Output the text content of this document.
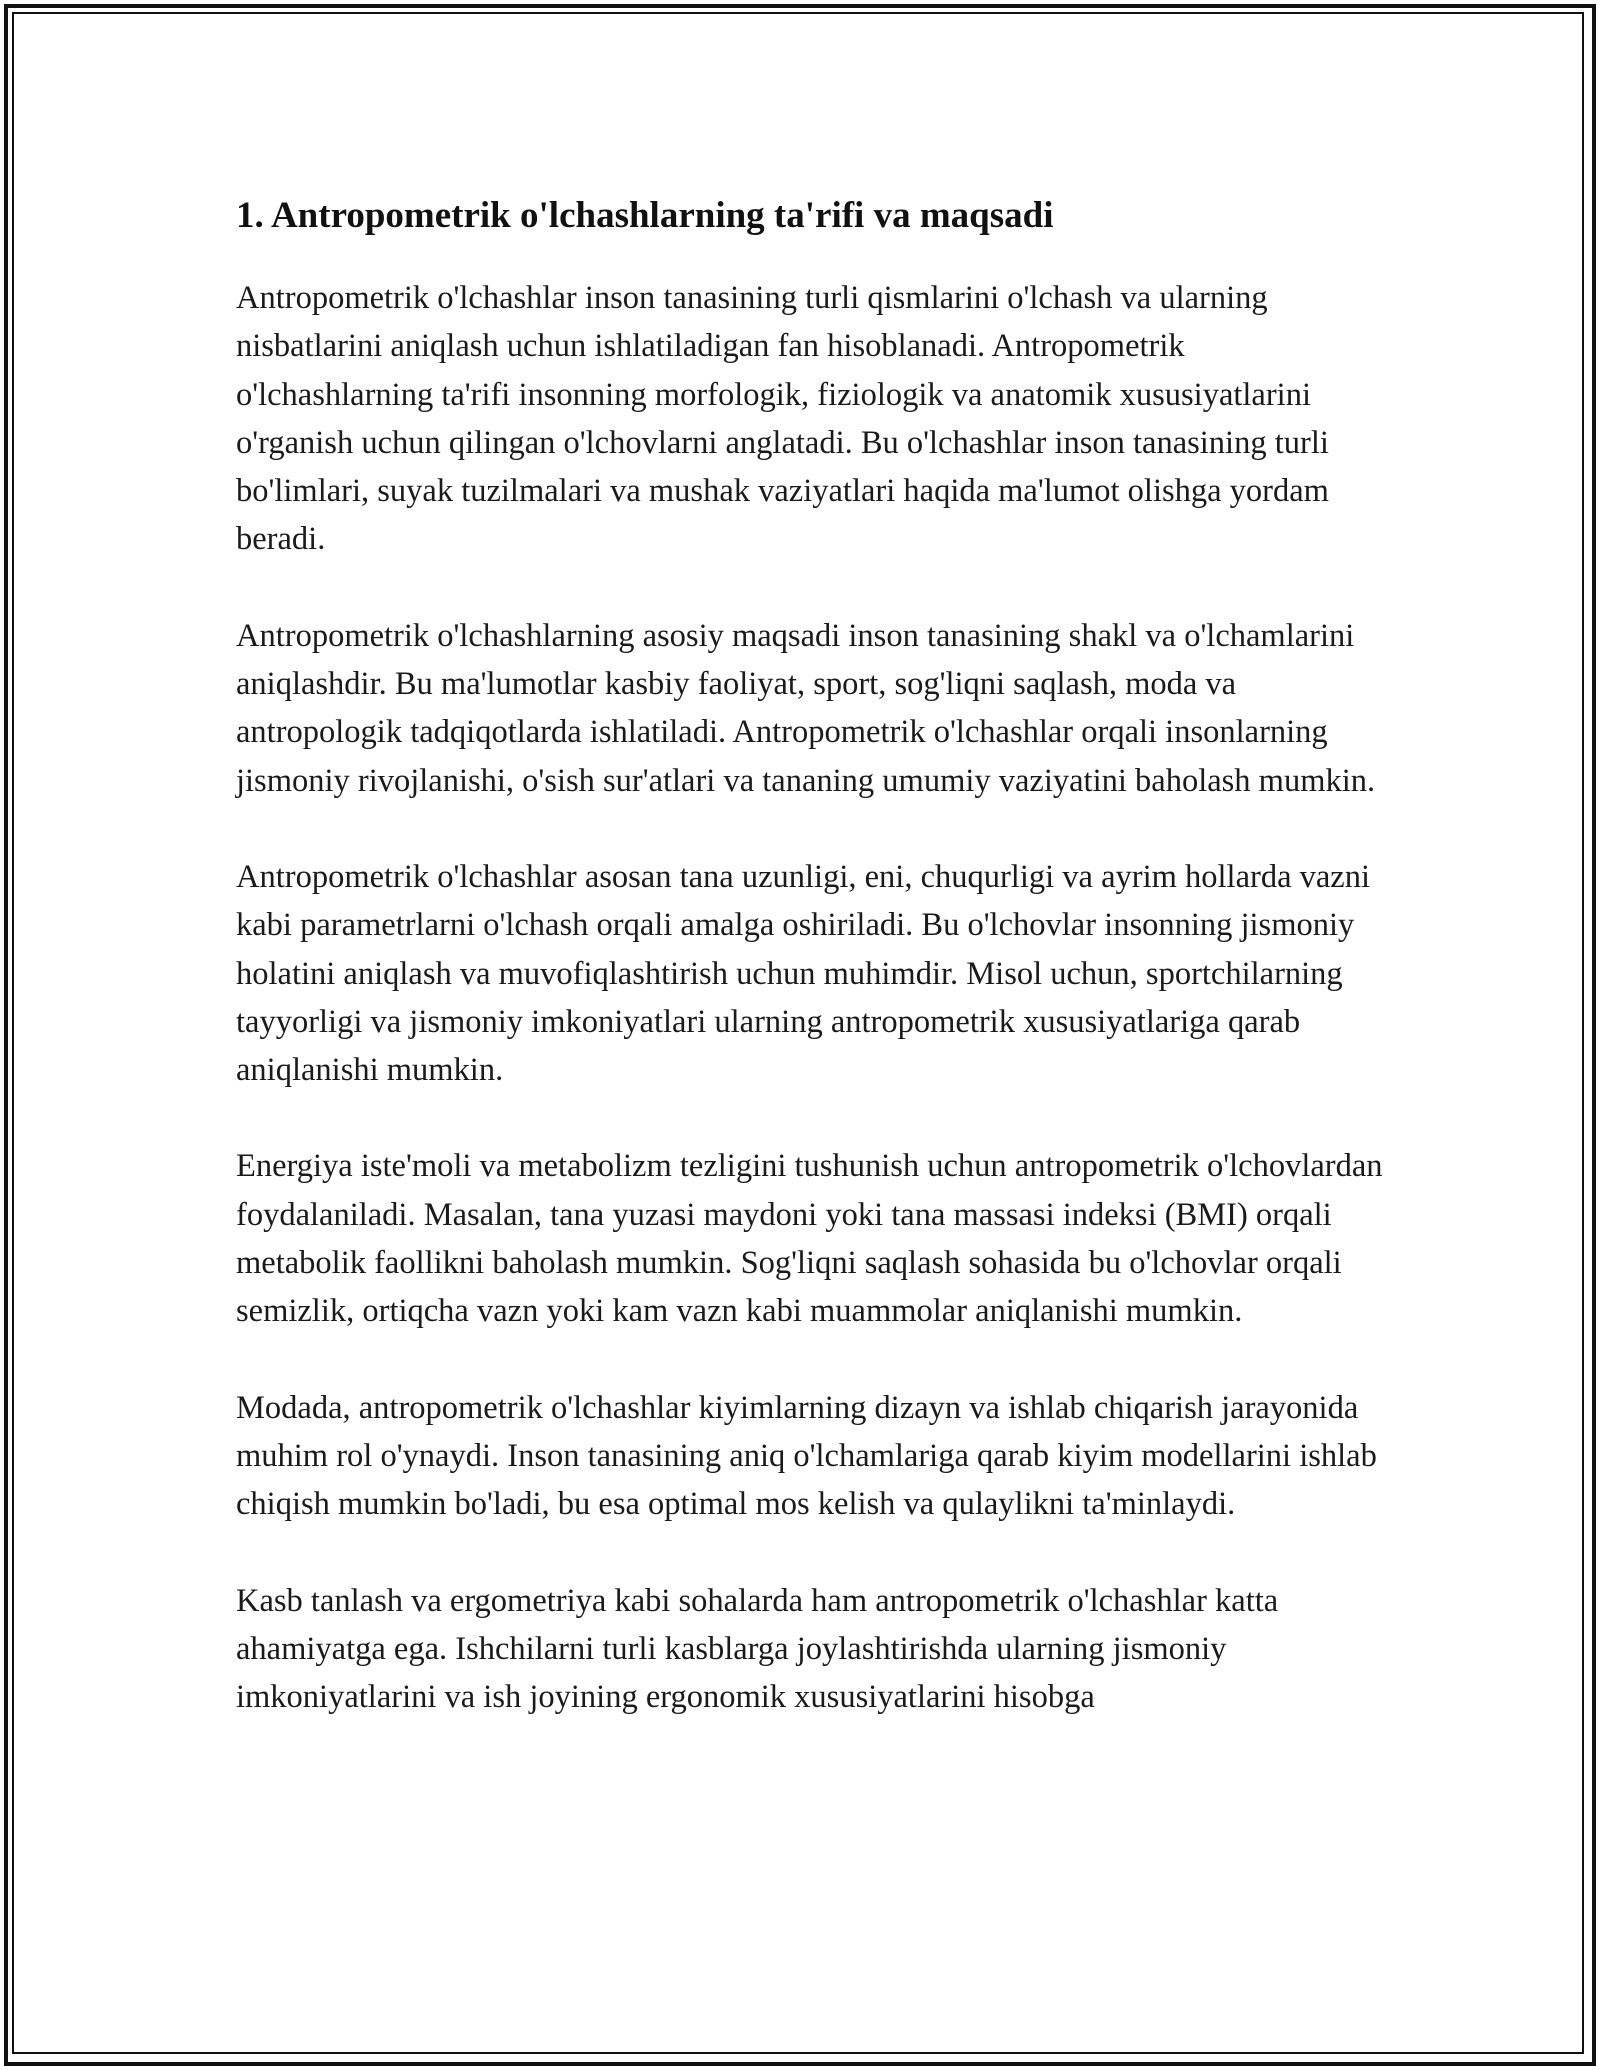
1. Antropometrik o'lchashlarning ta'rifi va maqsadi

Antropometrik o'lchashlar inson tanasining turli qismlarini o'lchash va ularning nisbatlarini aniqlash uchun ishlatiladigan fan hisoblanadi. Antropometrik o'lchashlarning ta'rifi insonning morfologik, fiziologik va anatomik xususiyatlarini o'rganish uchun qilingan o'lchovlarni anglatadi. Bu o'lchashlar inson tanasining turli bo'limlari, suyak tuzilmalari va mushak vaziyatlari haqida ma'lumot olishga yordam beradi.

Antropometrik o'lchashlarning asosiy maqsadi inson tanasining shakl va o'lchamlarini aniqlashdir. Bu ma'lumotlar kasbiy faoliyat, sport, sog'liqni saqlash, moda va antropologik tadqiqotlarda ishlatiladi. Antropometrik o'lchashlar orqali insonlarning jismoniy rivojlanishi, o'sish sur'atlari va tananing umumiy vaziyatini baholash mumkin.

Antropometrik o'lchashlar asosan tana uzunligi, eni, chuqurligi va ayrim hollarda vazni kabi parametrlarni o'lchash orqali amalga oshiriladi. Bu o'lchovlar insonning jismoniy holatini aniqlash va muvofiqlashtirish uchun muhimdir. Misol uchun, sportchilarning tayyorligi va jismoniy imkoniyatlari ularning antropometrik xususiyatlariga qarab aniqlanishi mumkin.

Energiya iste'moli va metabolizm tezligini tushunish uchun antropometrik o'lchovlardan foydalaniladi. Masalan, tana yuzasi maydoni yoki tana massasi indeksi (BMI) orqali metabolik faollikni baholash mumkin. Sog'liqni saqlash sohasida bu o'lchovlar orqali semizlik, ortiqcha vazn yoki kam vazn kabi muammolar aniqlanishi mumkin.

Modada, antropometrik o'lchashlar kiyimlarning dizayn va ishlab chiqarish jarayonida muhim rol o'ynaydi. Inson tanasining aniq o'lchamlariga qarab kiyim modellarini ishlab chiqish mumkin bo'ladi, bu esa optimal mos kelish va qulaylikni ta'minlaydi.

Kasb tanlash va ergometriya kabi sohalarda ham antropometrik o'lchashlar katta ahamiyatga ega. Ishchilarni turli kasblarga joylashtirishda ularning jismoniy imkoniyatlarini va ish joyining ergonomik xususiyatlarini hisobga
